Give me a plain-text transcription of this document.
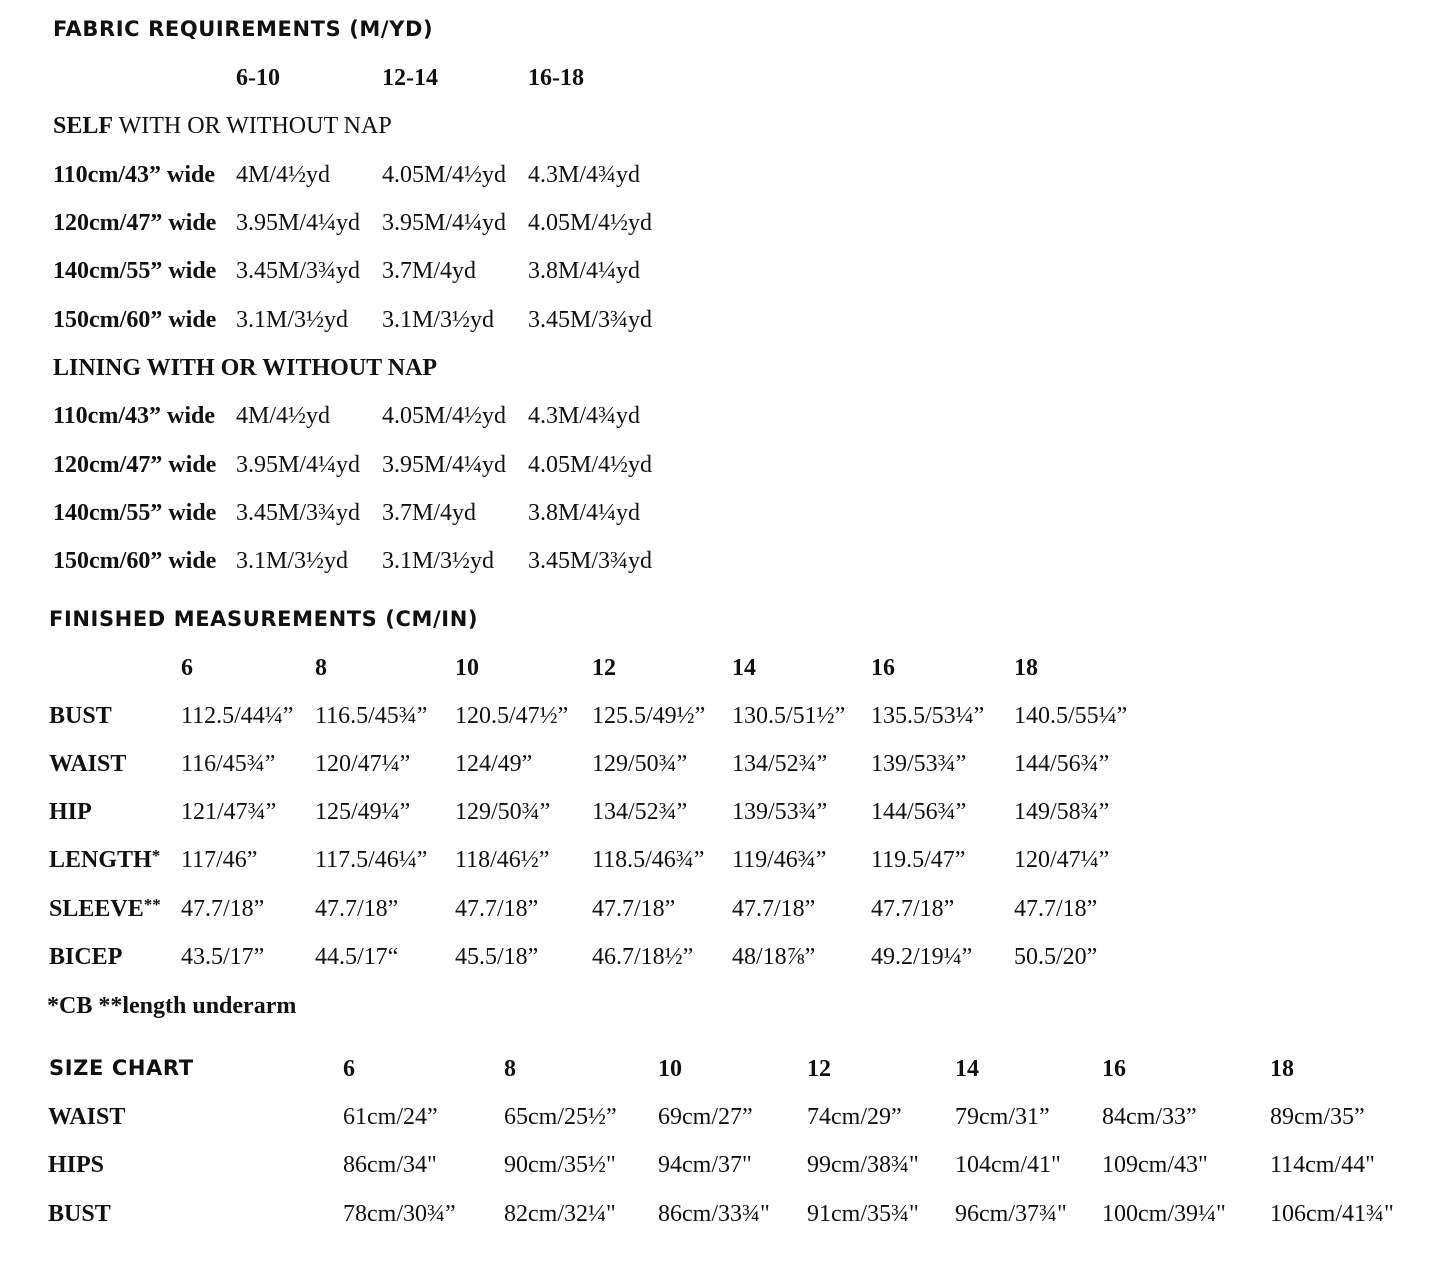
FABRIC REQUIREMENTS (M/YD)
6-10	12-14	16-18
SELF WITH OR WITHOUT NAP
110cm/43” wide 4M/4½yd 4.05M/4½yd 4.3M/4¾yd
120cm/47” wide 3.95M/4¼yd 3.95M/4¼yd 4.05M/4½yd
140cm/55” wide 3.45M/3¾yd 3.7M/4yd 3.8M/4¼yd
150cm/60” wide 3.1M/3½yd 3.1M/3½yd 3.45M/3¾yd
LINING WITH OR WITHOUT NAP
110cm/43” wide 4M/4½yd 4.05M/4½yd 4.3M/4¾yd
120cm/47” wide 3.95M/4¼yd 3.95M/4¼yd 4.05M/4½yd
140cm/55” wide 3.45M/3¾yd 3.7M/4yd 3.8M/4¼yd
150cm/60” wide 3.1M/3½yd 3.1M/3½yd 3.45M/3¾yd
FINISHED MEASUREMENTS (CM/IN)
6	8	10	12	14	16	18
BUST	112.5/44¼” 116.5/45¾” 120.5/47½” 125.5/49½” 130.5/51½” 135.5/53¼” 140.5/55¼”
WAIST 116/45¾” 120/47¼” 124/49” 129/50¾” 134/52¾” 139/53¾” 144/56¾”
HIP	121/47¾” 125/49¼” 129/50¾” 134/52¾” 139/53¾” 144/56¾” 149/58¾”
LENGTH* 117/46” 117.5/46¼” 118/46½” 118.5/46¾” 119/46¾” 119.5/47” 120/47¼”
SLEEVE** 47.7/18” 47.7/18” 47.7/18” 47.7/18” 47.7/18” 47.7/18” 47.7/18”
BICEP 43.5/17” 44.5/17“ 45.5/18” 46.7/18½” 48/18⅞” 49.2/19¼” 50.5/20”
*CB **length underarm
SIZE CHART	6	8	10	12	14	16	18
WAIST	61cm/24”	65cm/25½” 69cm/27” 74cm/29” 79cm/31” 84cm/33”	89cm/35”
HIPS	86cm/34"	90cm/35½" 94cm/37" 99cm/38¾" 104cm/41" 109cm/43"	114cm/44"
BUST	78cm/30¾” 82cm/32¼" 86cm/33¾" 91cm/35¾" 96cm/37¾" 100cm/39¼" 106cm/41¾"
